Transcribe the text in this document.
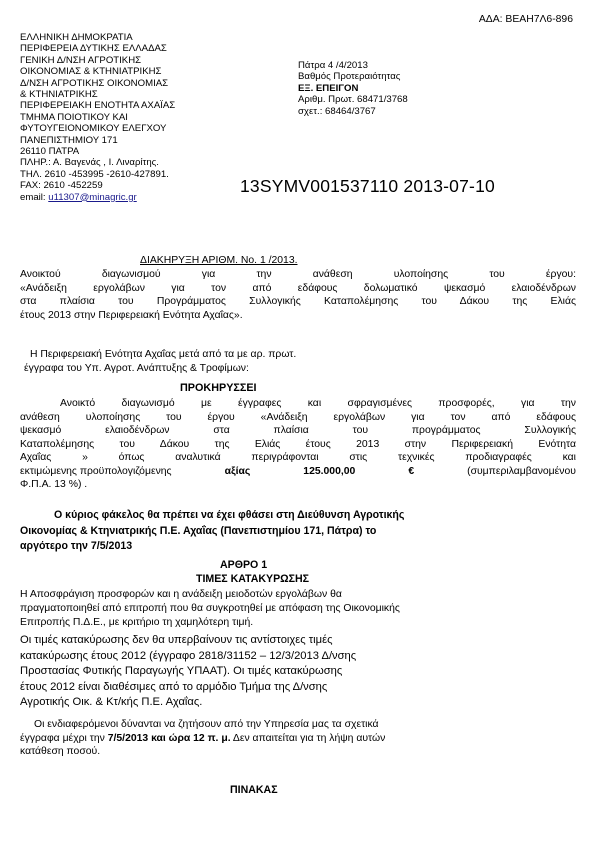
ΑΔΑ: ΒΕΑΗ7Λ6-896
ΕΛΛΗΝΙΚΗ ΔΗΜΟΚΡΑΤΙΑ
ΠΕΡΙΦΕΡΕΙΑ ΔΥΤΙΚΗΣ ΕΛΛΑΔΑΣ
ΓΕΝΙΚΗ Δ/ΝΣΗ ΑΓΡΟΤΙΚΗΣ
ΟΙΚΟΝΟΜΙΑΣ & ΚΤΗΝΙΑΤΡΙΚΗΣ
Δ/ΝΣΗ ΑΓΡΟΤΙΚΗΣ ΟΙΚΟΝΟΜΙΑΣ
& ΚΤΗΝΙΑΤΡΙΚΗΣ
ΠΕΡΙΦΕΡΕΙΑΚΗ ΕΝΟΤΗΤΑ ΑΧΑΪΑΣ
ΤΜΗΜΑ ΠΟΙΟΤΙΚΟΥ ΚΑΙ
ΦΥΤΟΥΓΕΙΟΝΟΜΙΚΟΥ ΕΛΕΓΧΟΥ
ΠΑΝΕΠΙΣΤΗΜΙΟΥ 171
26110 ΠΑΤΡΑ
ΠΛΗΡ.: Α. Βαγενάς , Ι. Λιναρίτης.
ΤΗΛ. 2610 -453995 -2610-427891.
FAX: 2610 -452259
email: u11307@minagric.gr
Πάτρα 4 /4/2013
Βαθμός Προτεραιότητας
ΕΞ. ΕΠΕΙΓΟΝ
Αριθμ. Πρωτ. 68471/3768
σχετ.: 68464/3767
13SYMV001537110 2013-07-10
ΔΙΑΚΗΡΥΞΗ ΑΡΙΘΜ. Νο. 1 /2013.
Ανοικτού διαγωνισμού για την ανάθεση υλοποίησης του έργου:
«Ανάδειξη εργολάβων για τον από εδάφους δολωματικό ψεκασμό ελαιοδένδρων
στα πλαίσια του Προγράμματος Συλλογικής Καταπολέμησης του Δάκου της Ελιάς
έτους 2013 στην Περιφερειακή Ενότητα Αχαΐας».
Η Περιφερειακή Ενότητα Αχαΐας μετά από τα με αρ. πρωτ.
έγγραφα του Υπ. Αγροτ. Ανάπτυξης & Τροφίμων:
ΠΡΟΚΗΡΥΣΣΕΙ
Ανοικτό διαγωνισμό με έγγραφες και σφραγισμένες προσφορές, για την
ανάθεση υλοποίησης του έργου «Ανάδειξη εργολάβων για τον από εδάφους
ψεκασμό ελαιοδένδρων στα πλαίσια του προγράμματος Συλλογικής
Καταπολέμησης του Δάκου της Ελιάς έτους 2013 στην Περιφερειακή Ενότητα
Αχαΐας » όπως αναλυτικά περιγράφονται στις τεχνικές προδιαγραφές και
εκτιμώμενης προϋπολογιζόμενης	αξίας	125.000,00	€	(συμπεριλαμβανομένου
Φ.Π.Α. 13 %) .
Ο κύριος φάκελος θα πρέπει να έχει φθάσει στη Διεύθυνση Αγροτικής
Οικονομίας & Κτηνιατρικής Π.Ε. Αχαΐας (Πανεπιστημίου 171, Πάτρα) το
αργότερο την 7/5/2013
ΑΡΘΡΟ 1
ΤΙΜΕΣ ΚΑΤΑΚΥΡΩΣΗΣ
Η Αποσφράγιση προσφορών και η ανάδειξη μειοδοτών εργολάβων θα
πραγματοποιηθεί από επιτροπή που θα συγκροτηθεί με απόφαση της Οικονομικής
Επιτροπής Π.Δ.Ε., με κριτήριο τη χαμηλότερη τιμή.
Οι τιμές κατακύρωσης δεν θα υπερβαίνουν τις αντίστοιχες τιμές
κατακύρωσης έτους 2012 (έγγραφο 2818/31152 – 12/3/2013 Δ/νσης
Προστασίας Φυτικής Παραγωγής ΥΠΑΑΤ). Οι τιμές κατακύρωσης
έτους 2012 είναι διαθέσιμες από το αρμόδιο Τμήμα της Δ/νσης
Αγροτικής Οικ. & Κτ/κής Π.Ε. Αχαΐας.
Οι ενδιαφερόμενοι δύνανται να ζητήσουν από την Υπηρεσία μας τα σχετικά
έγγραφα μέχρι την 7/5/2013 και ώρα 12 π. μ. Δεν απαιτείται για τη λήψη αυτών
κατάθεση ποσού.
ΠΙΝΑΚΑΣ
